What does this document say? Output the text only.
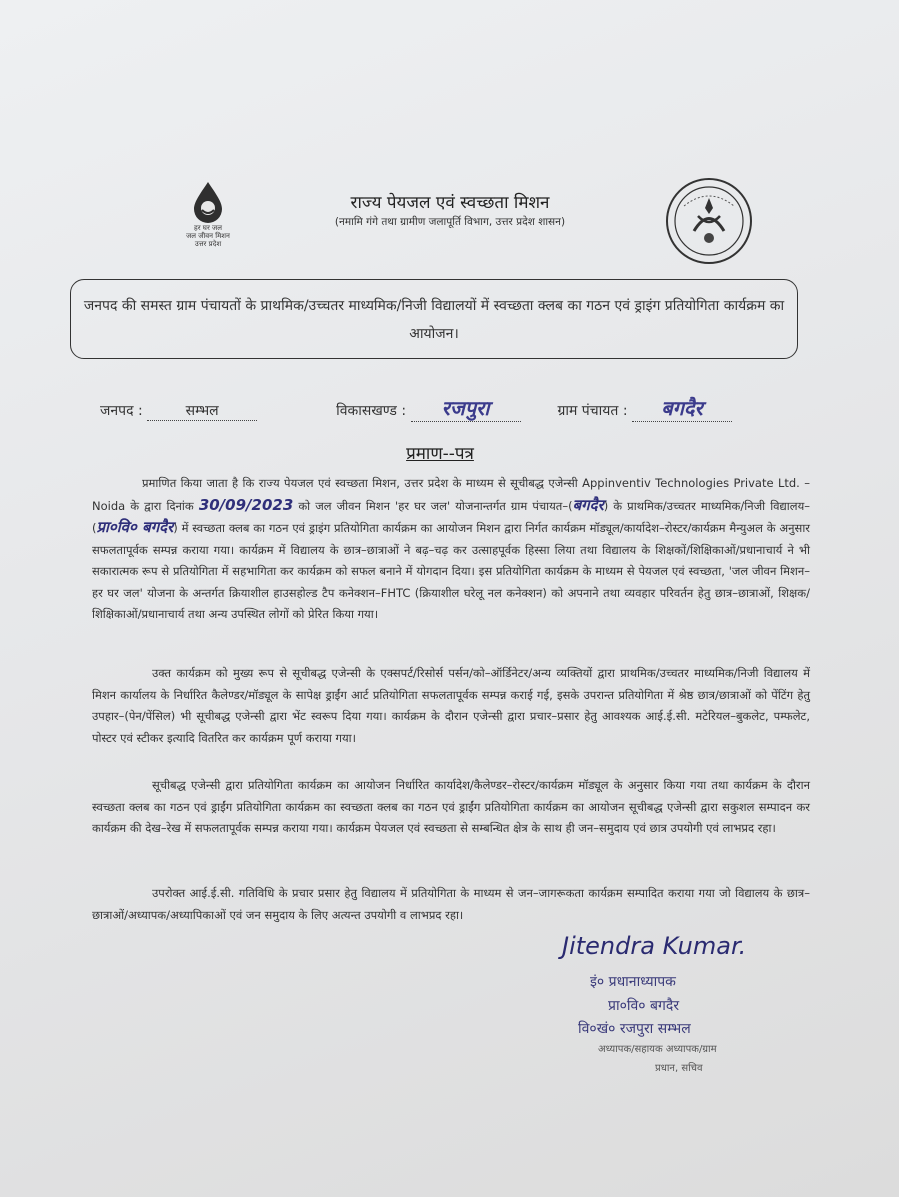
हर घर जल
जल जीवन मिशन
उत्तर प्रदेश
राज्य पेयजल एवं स्वच्छता मिशन
(नमामि गंगे तथा ग्रामीण जलापूर्ति विभाग, उत्तर प्रदेश शासन)
जनपद की समस्त ग्राम पंचायतों के प्राथमिक/उच्चतर माध्यमिक/निजी विद्यालयों में स्वच्छता क्लब का गठन एवं ड्राइंग प्रतियोगिता कार्यक्रम का आयोजन।
जनपद :	सम्भल	विकासखण्ड : रजपुरा	ग्राम पंचायत : बगदैर
प्रमाण--पत्र
प्रमाणित किया जाता है कि राज्य पेयजल एवं स्वच्छता मिशन, उत्तर प्रदेश के माध्यम से सूचीबद्ध एजेन्सी Appinventiv Technologies Private Ltd. – Noida के द्वारा दिनांक 30/09/2023 को जल जीवन मिशन 'हर घर जल' योजनान्तर्गत ग्राम पंचायत–(बगदैर) के प्राथमिक/उच्चतर माध्यमिक/निजी विद्यालय–(प्रा०वि० बगदैर) में स्वच्छता क्लब का गठन एवं ड्राइंग प्रतियोगिता कार्यक्रम का आयोजन मिशन द्वारा निर्गत कार्यक्रम मॉड्यूल/कार्यादेश–रोस्टर/कार्यक्रम मैन्युअल के अनुसार सफलतापूर्वक सम्पन्न कराया गया। कार्यक्रम में विद्यालय के छात्र–छात्राओं ने बढ़–चढ़ कर उत्साहपूर्वक हिस्सा लिया तथा विद्यालय के शिक्षकों/शिक्षिकाओं/प्रधानाचार्य ने भी सकारात्मक रूप से प्रतियोगिता में सहभागिता कर कार्यक्रम को सफल बनाने में योगदान दिया। इस प्रतियोगिता कार्यक्रम के माध्यम से पेयजल एवं स्वच्छता, 'जल जीवन मिशन–हर घर जल' योजना के अन्तर्गत क्रियाशील हाउसहोल्ड टैप कनेक्शन–FHTC (क्रियाशील घरेलू नल कनेक्शन) को अपनाने तथा व्यवहार परिवर्तन हेतु छात्र–छात्राओं, शिक्षक/शिक्षिकाओं/प्रधानाचार्य तथा अन्य उपस्थित लोगों को प्रेरित किया गया।
उक्त कार्यक्रम को मुख्य रूप से सूचीबद्ध एजेन्सी के एक्सपर्ट/रिसोर्स पर्सन/को–ऑर्डिनेटर/अन्य व्यक्तियों द्वारा प्राथमिक/उच्चतर माध्यमिक/निजी विद्यालय में मिशन कार्यालय के निर्धारित कैलेण्डर/मॉड्यूल के सापेक्ष ड्राईंग आर्ट प्रतियोगिता सफलतापूर्वक सम्पन्न कराई गई, इसके उपरान्त प्रतियोगिता में श्रेष्ठ छात्र/छात्राओं को पेंटिंग हेतु उपहार–(पेन/पेंसिल) भी सूचीबद्ध एजेन्सी द्वारा भेंट स्वरूप दिया गया। कार्यक्रम के दौरान एजेन्सी द्वारा प्रचार–प्रसार हेतु आवश्यक आई.ई.सी. मटेरियल–बुकलेट, पम्फलेट, पोस्टर एवं स्टीकर इत्यादि वितरित कर कार्यक्रम पूर्ण कराया गया।
सूचीबद्ध एजेन्सी द्वारा प्रतियोगिता कार्यक्रम का आयोजन निर्धारित कार्यादेश/कैलेण्डर–रोस्टर/कार्यक्रम मॉड्यूल के अनुसार किया गया तथा कार्यक्रम के दौरान स्वच्छता क्लब का गठन एवं ड्राईंग प्रतियोगिता कार्यक्रम का स्वच्छता क्लब का गठन एवं ड्राईंग प्रतियोगिता कार्यक्रम का आयोजन सूचीबद्ध एजेन्सी द्वारा सकुशल सम्पादन कर कार्यक्रम की देख–रेख में सफलतापूर्वक सम्पन्न कराया गया। कार्यक्रम पेयजल एवं स्वच्छता से सम्बन्धित क्षेत्र के साथ ही जन–समुदाय एवं छात्र उपयोगी एवं लाभप्रद रहा।
उपरोक्त आई.ई.सी. गतिविधि के प्रचार प्रसार हेतु विद्यालय में प्रतियोगिता के माध्यम से जन–जागरूकता कार्यक्रम सम्पादित कराया गया जो विद्यालय के छात्र–छात्राओं/अध्यापक/अध्यापिकाओं एवं जन समुदाय के लिए अत्यन्त उपयोगी व लाभप्रद रहा।
Jitendra Kumar.
इं० प्रधानाध्यापक
प्रा०वि० बगदैर
वि०खं० रजपुरा सम्भल
अध्यापक/सहायक अध्यापक/ग्राम
प्रधान, सचिव
